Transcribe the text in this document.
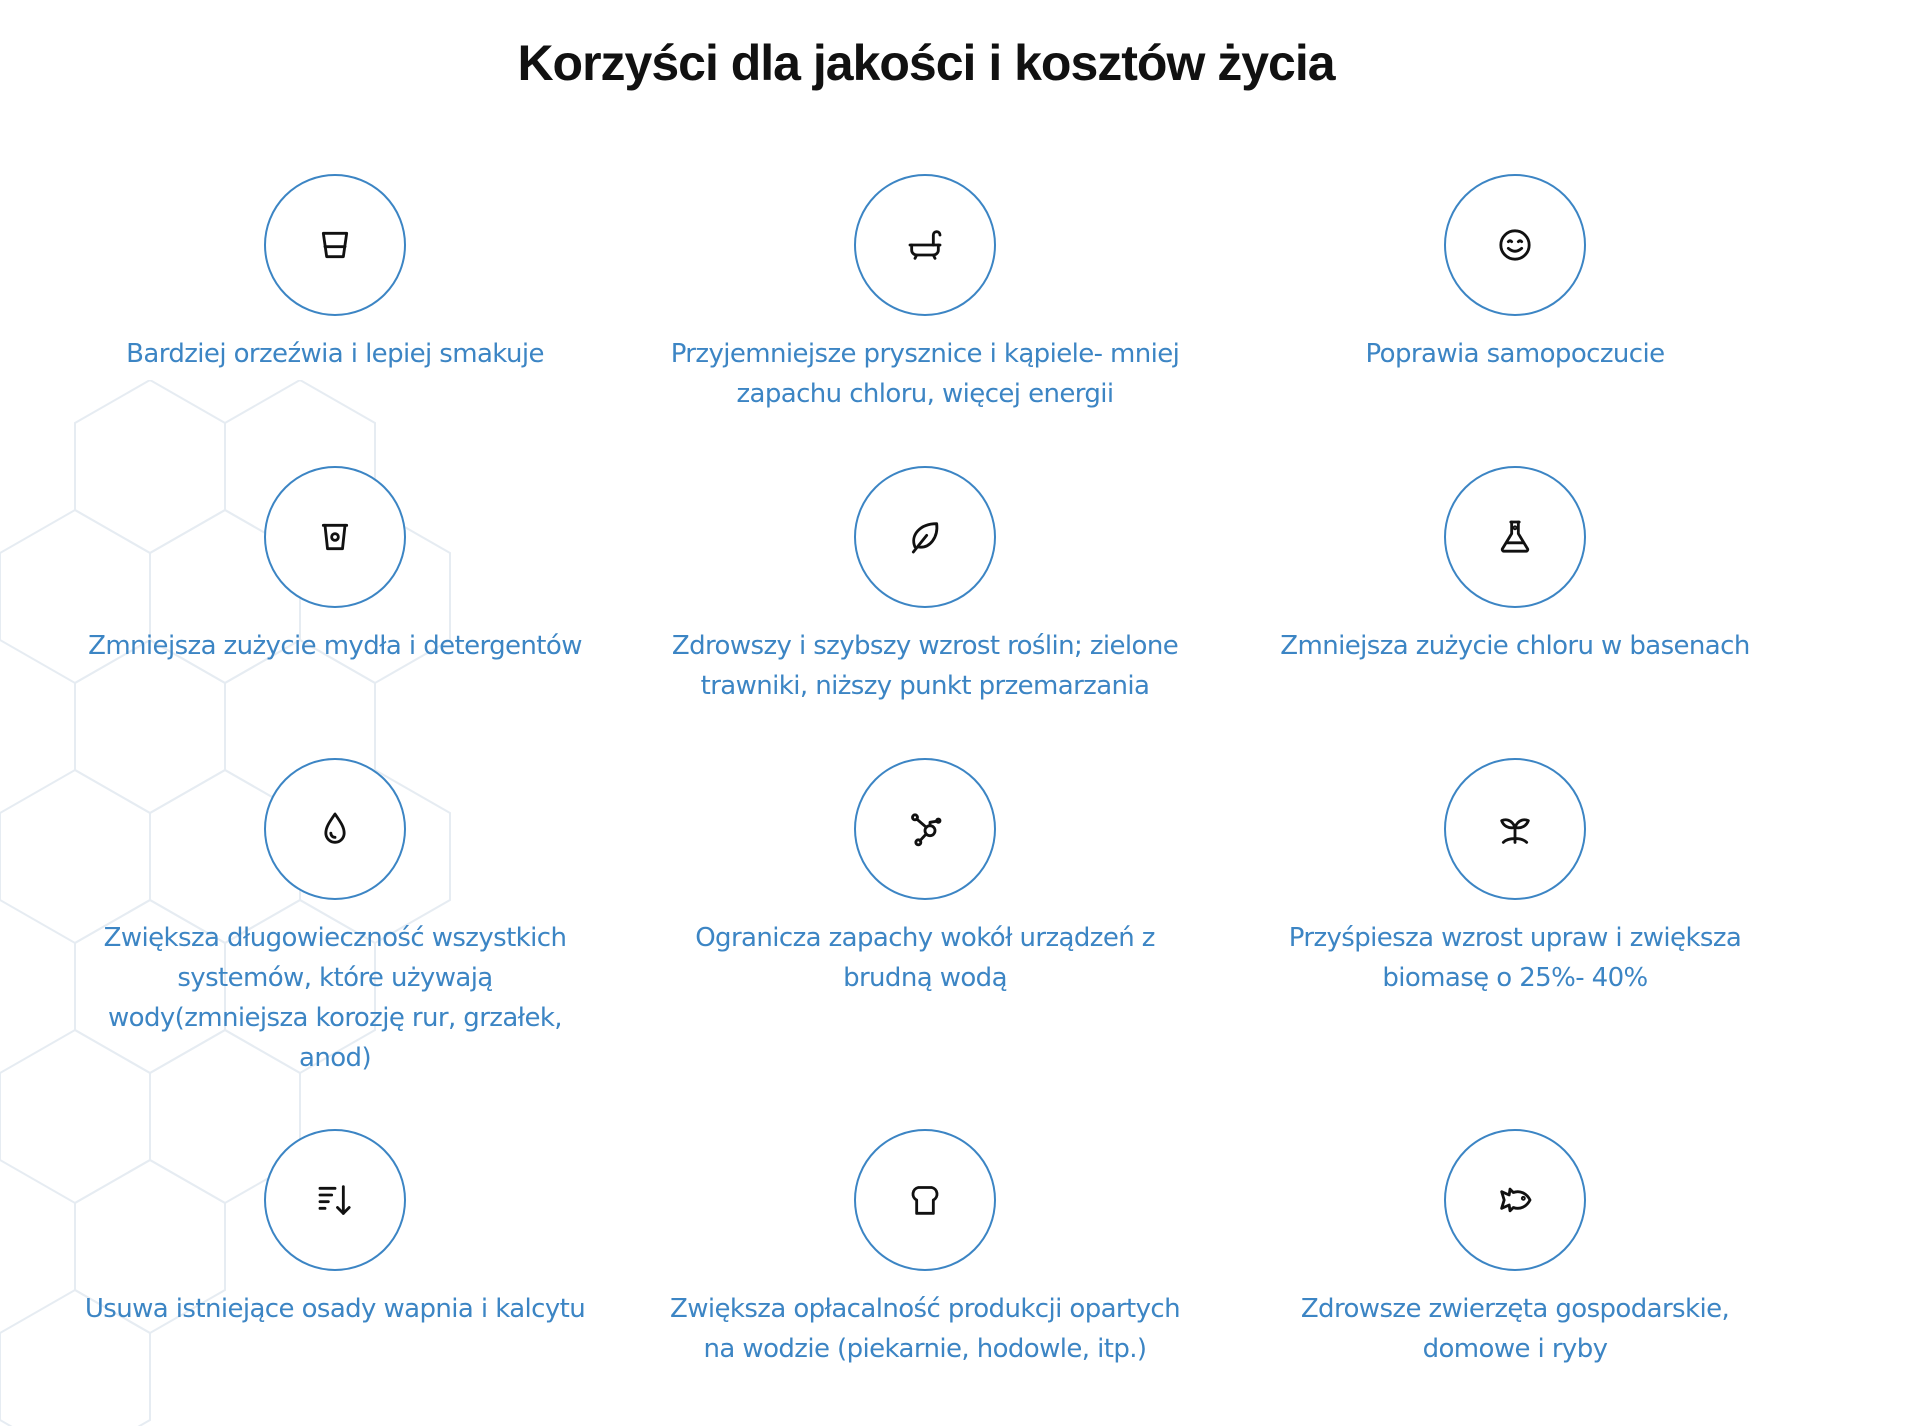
Korzyści dla jakości i kosztów życia
Bardziej orzeźwia i lepiej smakuje	Przyjemniejsze prysznice i kąpiele- mniej zapachu chloru, więcej energii
Poprawia samopoczucie
Zmniejsza zużycie mydła i detergentów	Zdrowszy i szybszy wzrost roślin; zielone trawniki, niższy punkt przemarzania
Zmniejsza zużycie chloru w basenach
Zwiększa długowieczność wszystkich systemów, które używają wody(zmniejsza korozję rur, grzałek, anod)
Ogranicza zapachy wokół urządzeń z brudną wodą
Przyśpiesza wzrost upraw i zwiększa biomasę o 25%- 40%
Usuwa istniejące osady wapnia i kalcytu	Zwiększa opłacalność produkcji opartych na wodzie (piekarnie, hodowle, itp.)
Zdrowsze zwierzęta gospodarskie, domowe i ryby
